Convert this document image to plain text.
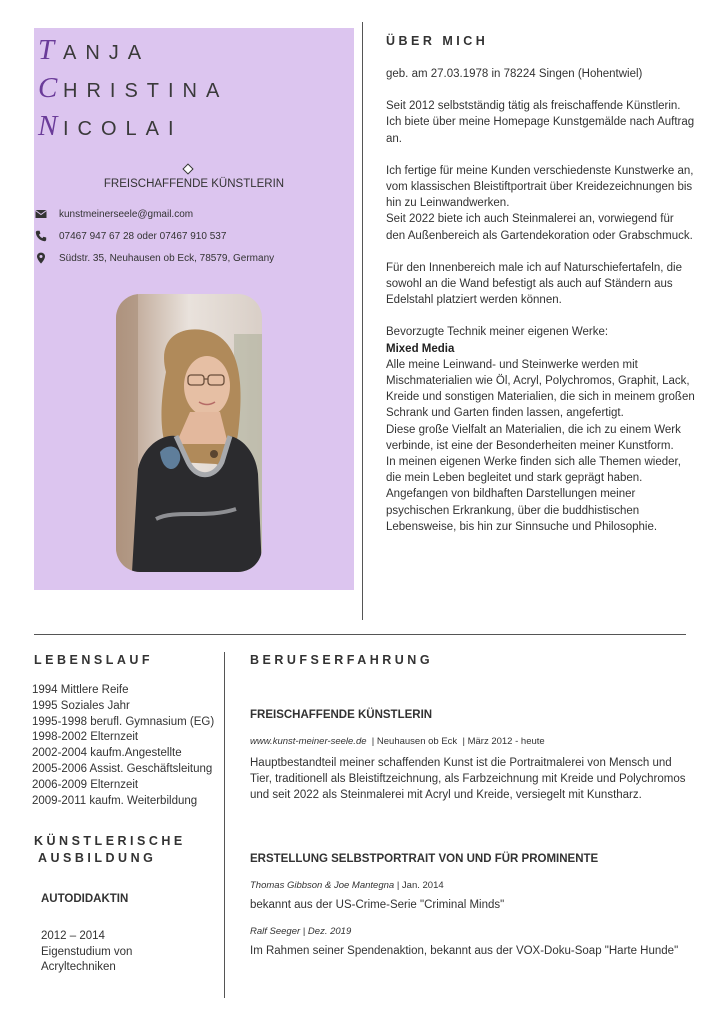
T ANJA
C HRISTINA
N ICOLAI
FREISCHAFFENDE KÜNSTLERIN
kunstmeinerseele@gmail.com
07467 947 67 28 oder 07467 910 537
Südstr. 35, Neuhausen ob Eck, 78579, Germany
ÜBER MICH

geb. am 27.03.1978 in 78224 Singen (Hohentwiel)

Seit 2012 selbstständig tätig als freischaffende Künstlerin. Ich biete über meine Homepage Kunstgemälde nach Auftrag an.

Ich fertige für meine Kunden verschiedenste Kunstwerke an, vom klassischen Bleistiftportrait über Kreidezeichnungen bis hin zu Leinwandwerken.

Seit 2022 biete ich auch Steinmalerei an, vorwiegend für den Außenbereich als Gartendekoration oder Grabschmuck.

Für den Innenbereich male ich auf Naturschiefertafeln, die sowohl an die Wand befestigt als auch auf Ständern aus Edelstahl platziert werden können.

Bevorzugte Technik meiner eigenen Werke:

Mixed Media

Alle meine Leinwand- und Steinwerke werden mit Mischmaterialien wie Öl, Acryl, Polychromos, Graphit, Lack, Kreide und sonstigen Materialien, die sich in meinem großen Schrank und Garten finden lassen, angefertigt.

Diese große Vielfalt an Materialien, die ich zu einem Werk verbinde, ist eine der Besonderheiten meiner Kunstform.

In meinen eigenen Werke finden sich alle Themen wieder, die mein Leben begleitet und stark geprägt haben. Angefangen von bildhaften Darstellungen meiner psychischen Erkrankung, über die buddhistischen Lebensweise, bis hin zur Sinnsuche und Philosophie.

LEBENSLAUF
1994 Mittlere Reife
1995 Soziales Jahr
1995-1998 berufl. Gymnasium (EG)
1998-2002 Elternzeit
2002-2004 kaufm.Angestellte
2005-2006 Assist. Geschäftsleitung
2006-2009 Elternzeit
2009-2011 kaufm. Weiterbildung
KÜNSTLERISCHE
AUSBILDUNG
AUTODIDAKTIN
2012 – 2014
Eigenstudium von
Acryltechniken
BERUFSERFAHRUNG
FREISCHAFFENDE KÜNSTLERIN
www.kunst-meiner-seele.de  | Neuhausen ob Eck  | März 2012 - heute
Hauptbestandteil meiner schaffenden Kunst ist die Portraitmalerei von Mensch und Tier, traditionell als Bleistiftzeichnung, als Farbzeichnung mit Kreide und Polychromos und seit 2022 als Steinmalerei mit Acryl und Kreide, versiegelt mit Kunstharz.
ERSTELLUNG SELBSTPORTRAIT VON UND FÜR PROMINENTE
Thomas Gibbson & Joe Mantegna | Jan. 2014
bekannt aus der US-Crime-Serie "Criminal Minds"
Ralf Seeger | Dez. 2019
Im Rahmen seiner Spendenaktion, bekannt aus der VOX-Doku-Soap "Harte Hunde"
